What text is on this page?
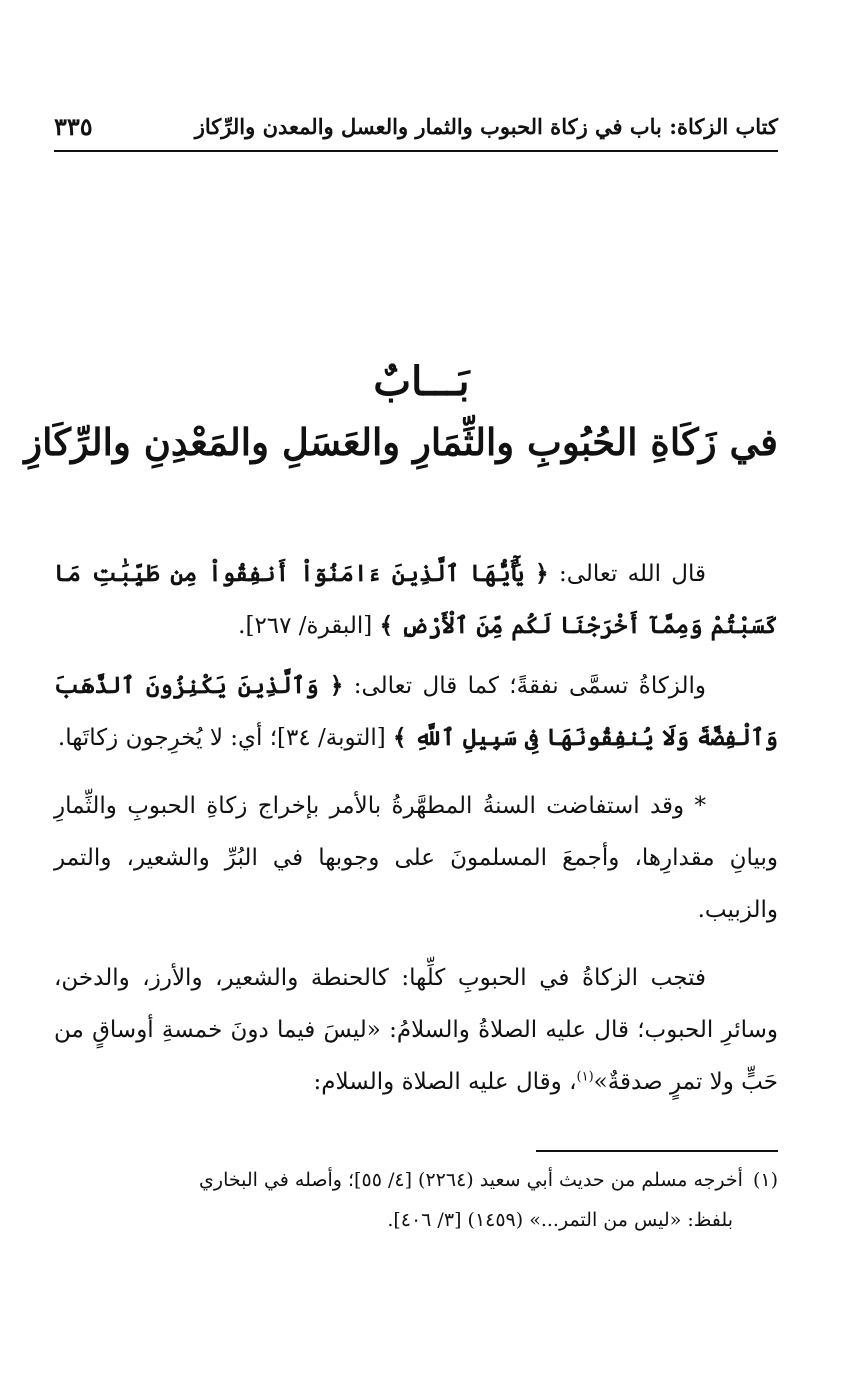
كتاب الزكاة: باب في زكاة الحبوب والثمار والعسل والمعدن والرِّكاز
٣٣٥
بَـــابٌ
في زَكَاةِ الحُبُوبِ والثِّمَارِ والعَسَلِ والمَعْدِنِ والرِّكَازِ

قال الله تعالى: ﴿ يَٰٓأَيُّهَا ٱلَّذِينَ ءَامَنُوٓاْ أَنفِقُواْ مِن طَيِّبَٰتِ مَا كَسَبْتُمْ وَمِمَّآ أَخْرَجْنَا لَكُم مِّنَ ٱلْأَرْضِ ﴾ [البقرة/ ٢٦٧].

والزكاةُ تسمَّى نفقةً؛ كما قال تعالى: ﴿ وَٱلَّذِينَ يَكْنِزُونَ ٱلذَّهَبَ وَٱلْفِضَّةَ وَلَا يُنفِقُونَهَا فِى سَبِيلِ ٱللَّهِ ﴾ [التوبة/ ٣٤]؛ أي: لا يُخرِجون زكاتَها.

* وقد استفاضت السنةُ المطهَّرةُ بالأمر بإخراج زكاةِ الحبوبِ والثِّمارِ وبيانِ مقدارِها، وأجمعَ المسلمونَ على وجوبها في البُرِّ والشعير، والتمر والزبيب.

فتجب الزكاةُ في الحبوبِ كلِّها: كالحنطة والشعير، والأرز، والدخن، وسائرِ الحبوب؛ قال عليه الصلاةُ والسلامُ: «ليسَ فيما دونَ خمسةِ أوساقٍ من حَبٍّ ولا تمرٍ صدقةٌ»$^{(١)}$، وقال عليه الصلاة والسلام:

(١)أخرجه مسلم من حديث أبي سعيد (٢٢٦٤) [٤/ ٥٥]؛ وأصله في البخاري
بلفظ: «ليس من التمر...» (١٤٥٩) [٣/ ٤٠٦].
